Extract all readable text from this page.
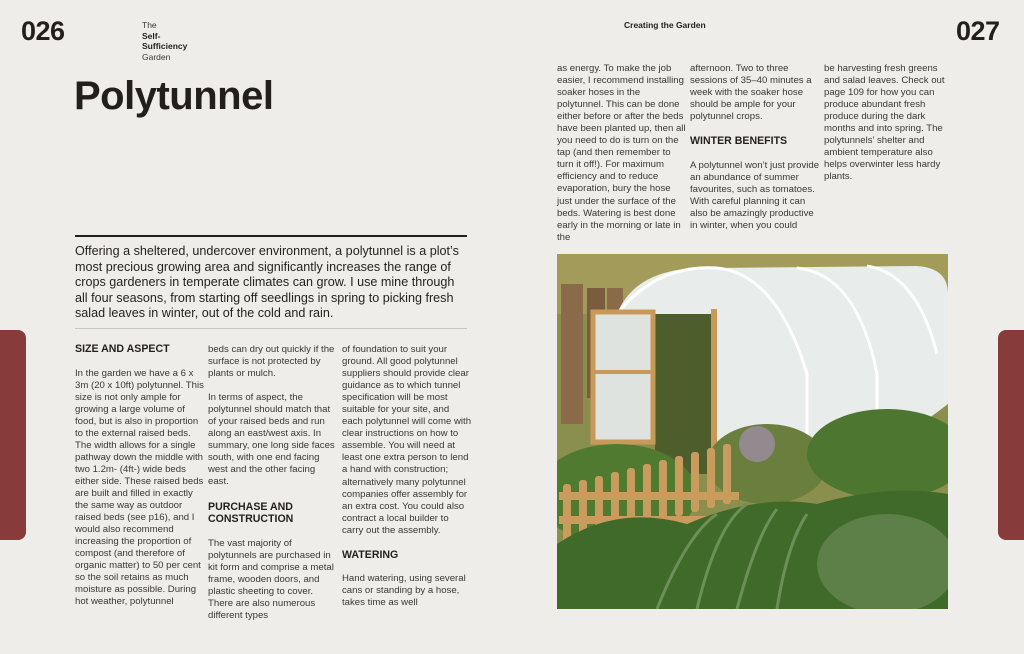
026	The
Self-
Sufficiency
Garden
Polytunnel
Offering a sheltered, undercover environment, a polytunnel is a plot’s most precious growing area and significantly increases the range of crops gardeners in temperate climates can grow. I use mine through all four seasons, from starting off seedlings in spring to picking fresh salad leaves in winter, out of the cold and rain.
SIZE AND ASPECT

In the garden we have a 6 x 3m (20 x 10ft) polytunnel. This size is not only ample for growing a large volume of food, but is also in proportion to the external raised beds. The width allows for a single pathway down the middle with two 1.2m- (4ft-) wide beds either side. These raised beds are built and filled in exactly the same way as outdoor raised beds (see p16), and I would also recommend increasing the proportion of compost (and therefore of organic matter) to 50 per cent so the soil retains as much moisture as possible. During hot weather, polytunnel

beds can dry out quickly if the surface is not protected by plants or mulch.

In terms of aspect, the polytunnel should match that of your raised beds and run along an east/west axis. In summary, one long side faces south, with one end facing west and the other facing east.

PURCHASE AND CONSTRUCTION

The vast majority of polytunnels are purchased in kit form and comprise a metal frame, wooden doors, and plastic sheeting to cover. There are also numerous different types

of foundation to suit your ground. All good polytunnel suppliers should provide clear guidance as to which tunnel specification will be most suitable for your site, and each polytunnel will come with clear instructions on how to assemble. You will need at least one extra person to lend a hand with construction; alternatively many polytunnel companies offer assembly for an extra cost. You could also contract a local builder to carry out the assembly.

WATERING

Hand watering, using several cans or standing by a hose, takes time as well

Creating the Garden	027

as energy. To make the job easier, I recommend installing soaker hoses in the polytunnel. This can be done either before or after the beds have been planted up, then all you need to do is turn on the tap (and then remember to turn it off!). For maximum efficiency and to reduce evaporation, bury the hose just under the surface of the beds. Watering is best done early in the morning or late in the

afternoon. Two to three sessions of 35–40 minutes a week with the soaker hose should be ample for your polytunnel crops.

WINTER BENEFITS

A polytunnel won’t just provide an abundance of summer favourites, such as tomatoes. With careful planning it can also be amazingly productive in winter, when you could

be harvesting fresh greens and salad leaves. Check out page 109 for how you can produce abundant fresh produce during the dark months and into spring. The polytunnels’ shelter and ambient temperature also helps overwinter less hardy plants.
